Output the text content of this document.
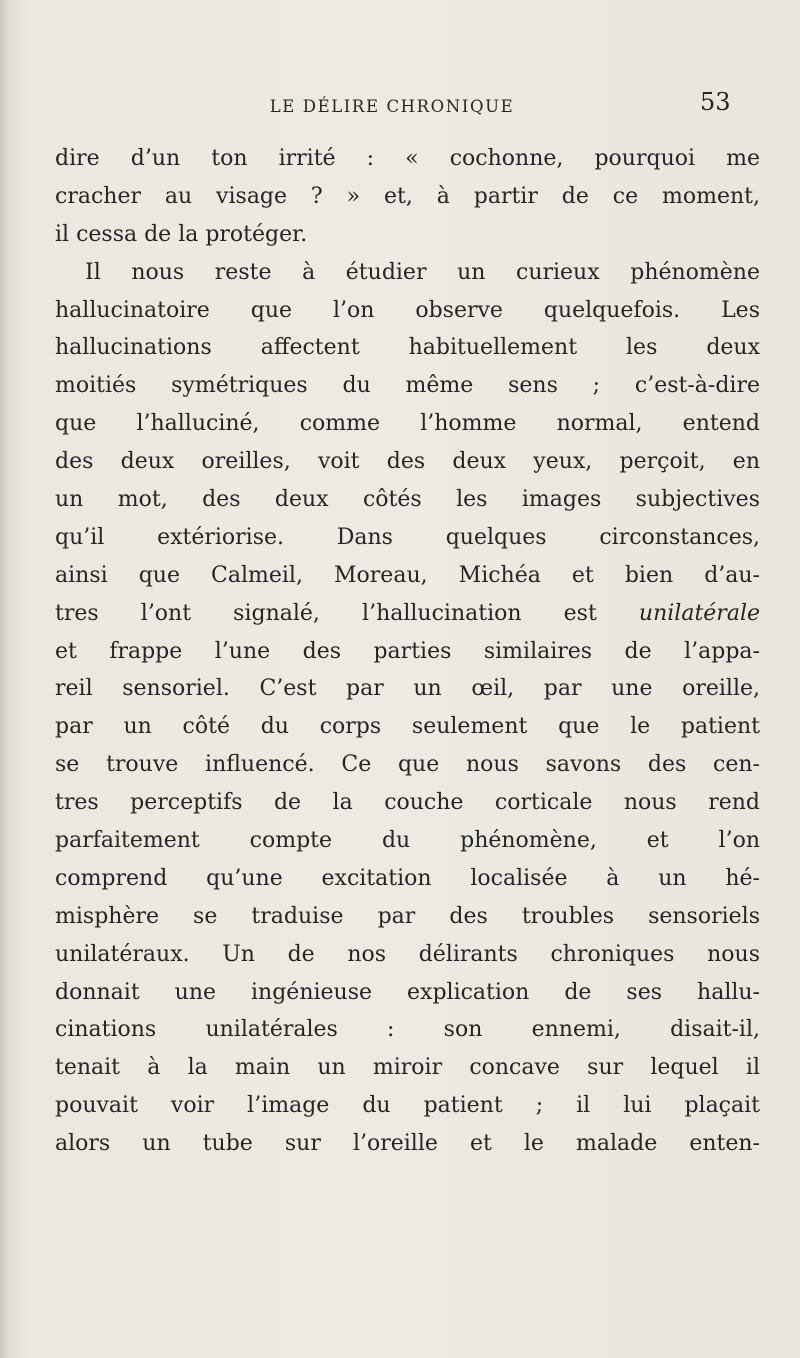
LE DÉLIRE CHRONIQUE	53
dire d’un ton irrité : « cochonne, pourquoi me
cracher au visage ? » et, à partir de ce moment,
il cessa de la protéger.
Il nous reste à étudier un curieux phénomène
hallucinatoire que l’on observe quelquefois. Les
hallucinations affectent habituellement les deux
moitiés symétriques du même sens ; c’est-à-dire
que l’halluciné, comme l’homme normal, entend
des deux oreilles, voit des deux yeux, perçoit, en
un mot, des deux côtés les images subjectives
qu’il extériorise. Dans quelques circonstances,
ainsi que Calmeil, Moreau, Michéa et bien d’au-
tres l’ont signalé, l’hallucination est unilatérale
et frappe l’une des parties similaires de l’appa-
reil sensoriel. C’est par un œil, par une oreille,
par un côté du corps seulement que le patient
se trouve influencé. Ce que nous savons des cen-
tres perceptifs de la couche corticale nous rend
parfaitement compte du phénomène, et l’on
comprend qu’une excitation localisée à un hé-
misphère se traduise par des troubles sensoriels
unilatéraux. Un de nos délirants chroniques nous
donnait une ingénieuse explication de ses hallu-
cinations unilatérales : son ennemi, disait-il,
tenait à la main un miroir concave sur lequel il
pouvait voir l’image du patient ; il lui plaçait
alors un tube sur l’oreille et le malade enten-
